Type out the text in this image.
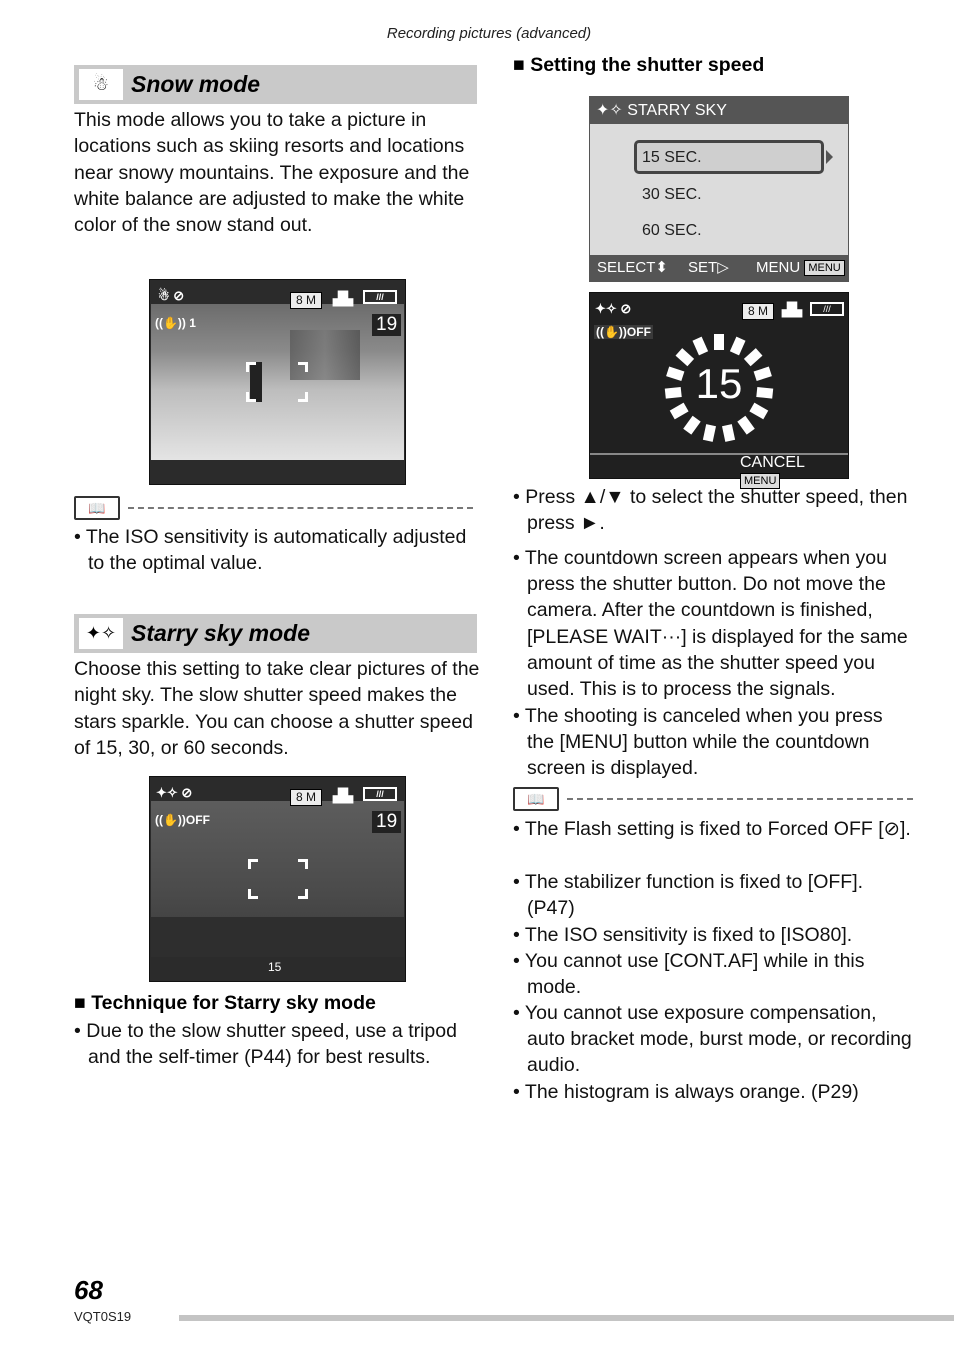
Recording pictures (advanced)
☃ Snow mode
This mode allows you to take a picture in locations such as skiing resorts and locations near snowy mountains. The exposure and the white balance are adjusted to make the white color of the snow stand out.
☃ ⊘	8 M	▟▙	///
((✋)) 1	19
📖
• The ISO sensitivity is automatically adjusted to the optimal value.
✦✧ Starry sky mode
Choose this setting to take clear pictures of the night sky. The slow shutter speed makes the stars sparkle. You can choose a shutter speed of 15, 30, or 60 seconds.
✦✧ ⊘	8 M	▟▙	///
((✋))OFF	19
15
■ Technique for Starry sky mode
• Due to the slow shutter speed, use a tripod and the self-timer (P44) for best results.
■ Setting the shutter speed
✦✧ STARRY SKY
15 SEC.
30 SEC.
60 SEC.
SELECT⬍ SET▷ MENU MENU
✦✧ ⊘	8 M	▟▙	///
((✋))OFF
15
CANCEL MENU
• Press ▲/▼ to select the shutter speed, then press ►.
• The countdown screen appears when you press the shutter button. Do not move the camera. After the countdown is finished, [PLEASE WAIT···] is displayed for the same amount of time as the shutter speed you used. This is to process the signals.
• The shooting is canceled when you press the [MENU] button while the countdown screen is displayed.
📖
• The Flash setting is fixed to Forced OFF [⊘].
• The stabilizer function is fixed to [OFF]. (P47)
• The ISO sensitivity is fixed to [ISO80].
• You cannot use [CONT.AF] while in this mode.
• You cannot use exposure compensation, auto bracket mode, burst mode, or recording audio.
• The histogram is always orange. (P29)
68
VQT0S19
